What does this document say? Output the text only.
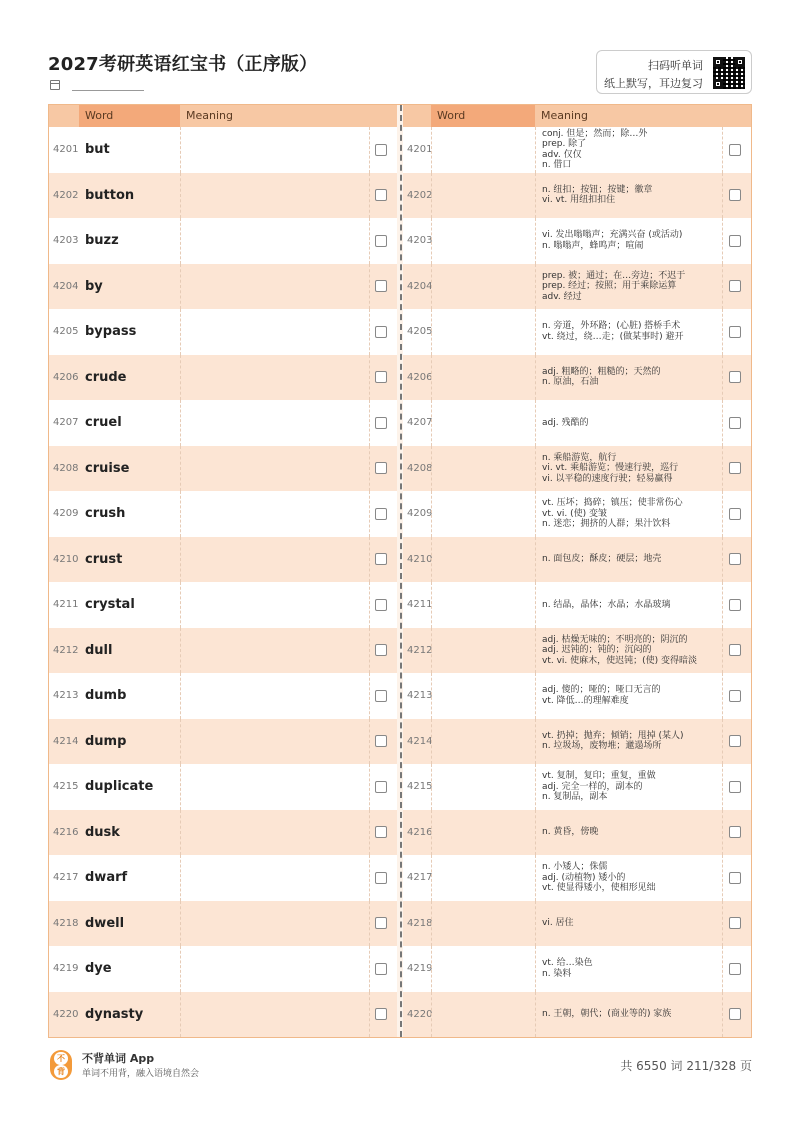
2027考研英语红宝书（正序版）	扫码听单词
纸上默写，耳边复习
Word	Meaning
4201 but
4202 button
4203 buzz
4204 by
4205 bypass
4206 crude
4207 cruel
4208 cruise
4209 crush
4210 crust
4211 crystal
4212 dull
4213 dumb
4214 dump
4215 duplicate
4216 dusk
4217 dwarf
4218 dwell
4219 dye
4220 dynasty
Word	Meaning
4201
conj. 但是；然而；除…外
prep. 除了
adv. 仅仅
n. 借口
4202	n. 纽扣；按钮；按键；徽章
vi. vt. 用纽扣扣住
4203	vi. 发出嗡嗡声；充满兴奋 (或活动)
n. 嗡嗡声，蜂鸣声；喧闹
4204
prep. 被；通过；在…旁边；不迟于
prep. 经过；按照；用于乘除运算
adv. 经过
4205	n. 旁道，外环路；(心脏) 搭桥手术
vt. 绕过，绕…走；(做某事时) 避开
4206	adj. 粗略的；粗糙的；天然的
n. 原油，石油
4207	adj. 残酷的
4208
n. 乘船游览，航行
vi. vt. 乘船游览；慢速行驶，巡行
vi. 以平稳的速度行驶；轻易赢得
4209
vt. 压坏；捣碎；镇压；使非常伤心
vt. vi. (使) 变皱
n. 迷恋；拥挤的人群；果汁饮料
4210	n. 面包皮；酥皮；硬层；地壳
4211	n. 结晶，晶体；水晶；水晶玻璃
4212
adj. 枯燥无味的；不明亮的；阴沉的
adj. 迟钝的；钝的；沉闷的
vt. vi. 使麻木，使迟钝；(使) 变得暗淡
4213	adj. 傻的；哑的；哑口无言的
vt. 降低…的理解难度
4214	vt. 扔掉；抛弃；倾销；甩掉 (某人)
n. 垃圾场，废物堆；邋遢场所
4215
vt. 复制，复印；重复，重做
adj. 完全一样的，副本的
n. 复制品，副本
4216	n. 黄昏，傍晚
4217
n. 小矮人；侏儒
adj. (动植物) 矮小的
vt. 使显得矮小，使相形见绌
4218	vi. 居住
4219	vt. 给…染色
n. 染料
4220	n. 王朝，朝代；(商业等的) 家族
不
背
不背单词 App
单词不用背，融入语境自然会
共 6550 词 211/328 页
